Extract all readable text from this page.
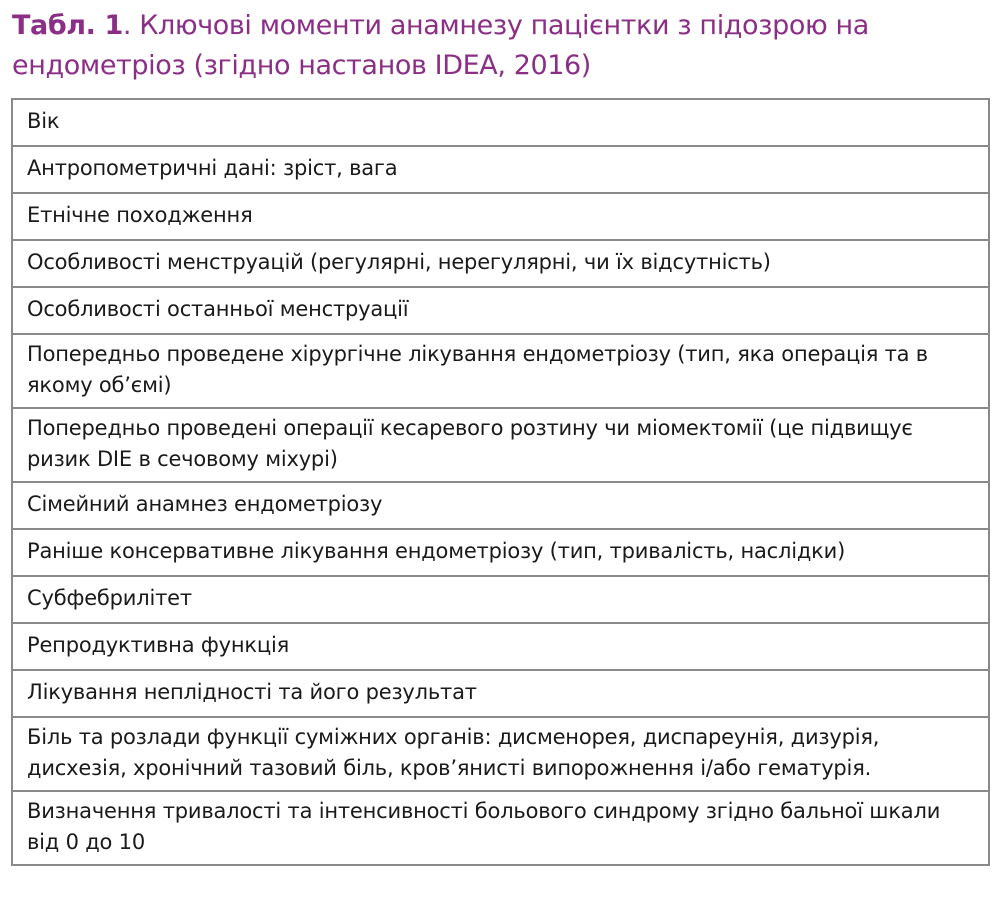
Табл. 1. Ключові моменти анамнезу пацієнтки з підозрою на ендометріоз (згідно настанов IDEA, 2016)
Вік
Антропометричні дані: зріст, вага
Етнічне походження
Особливості менструацій (регулярні, нерегулярні, чи їх відсутність)
Особливості останньої менструації
Попередньо проведене хірургічне лікування ендометріозу (тип, яка операція та в якому об’ємі)
Попередньо проведені операції кесаревого розтину чи міомектомії (це підвищує ризик DIE в сечовому міхурі)
Сімейний анамнез ендометріозу
Раніше консервативне лікування ендометріозу (тип, тривалість, наслідки)
Субфебрилітет
Репродуктивна функція
Лікування неплідності та його результат
Біль та розлади функції суміжних органів: дисменорея, диспареунія, дизурія, дисхезія, хронічний тазовий біль, кров’янисті випорожнення і/або гематурія.
Визначення тривалості та інтенсивності больового синдрому згідно бальної шкали від 0 до 10
